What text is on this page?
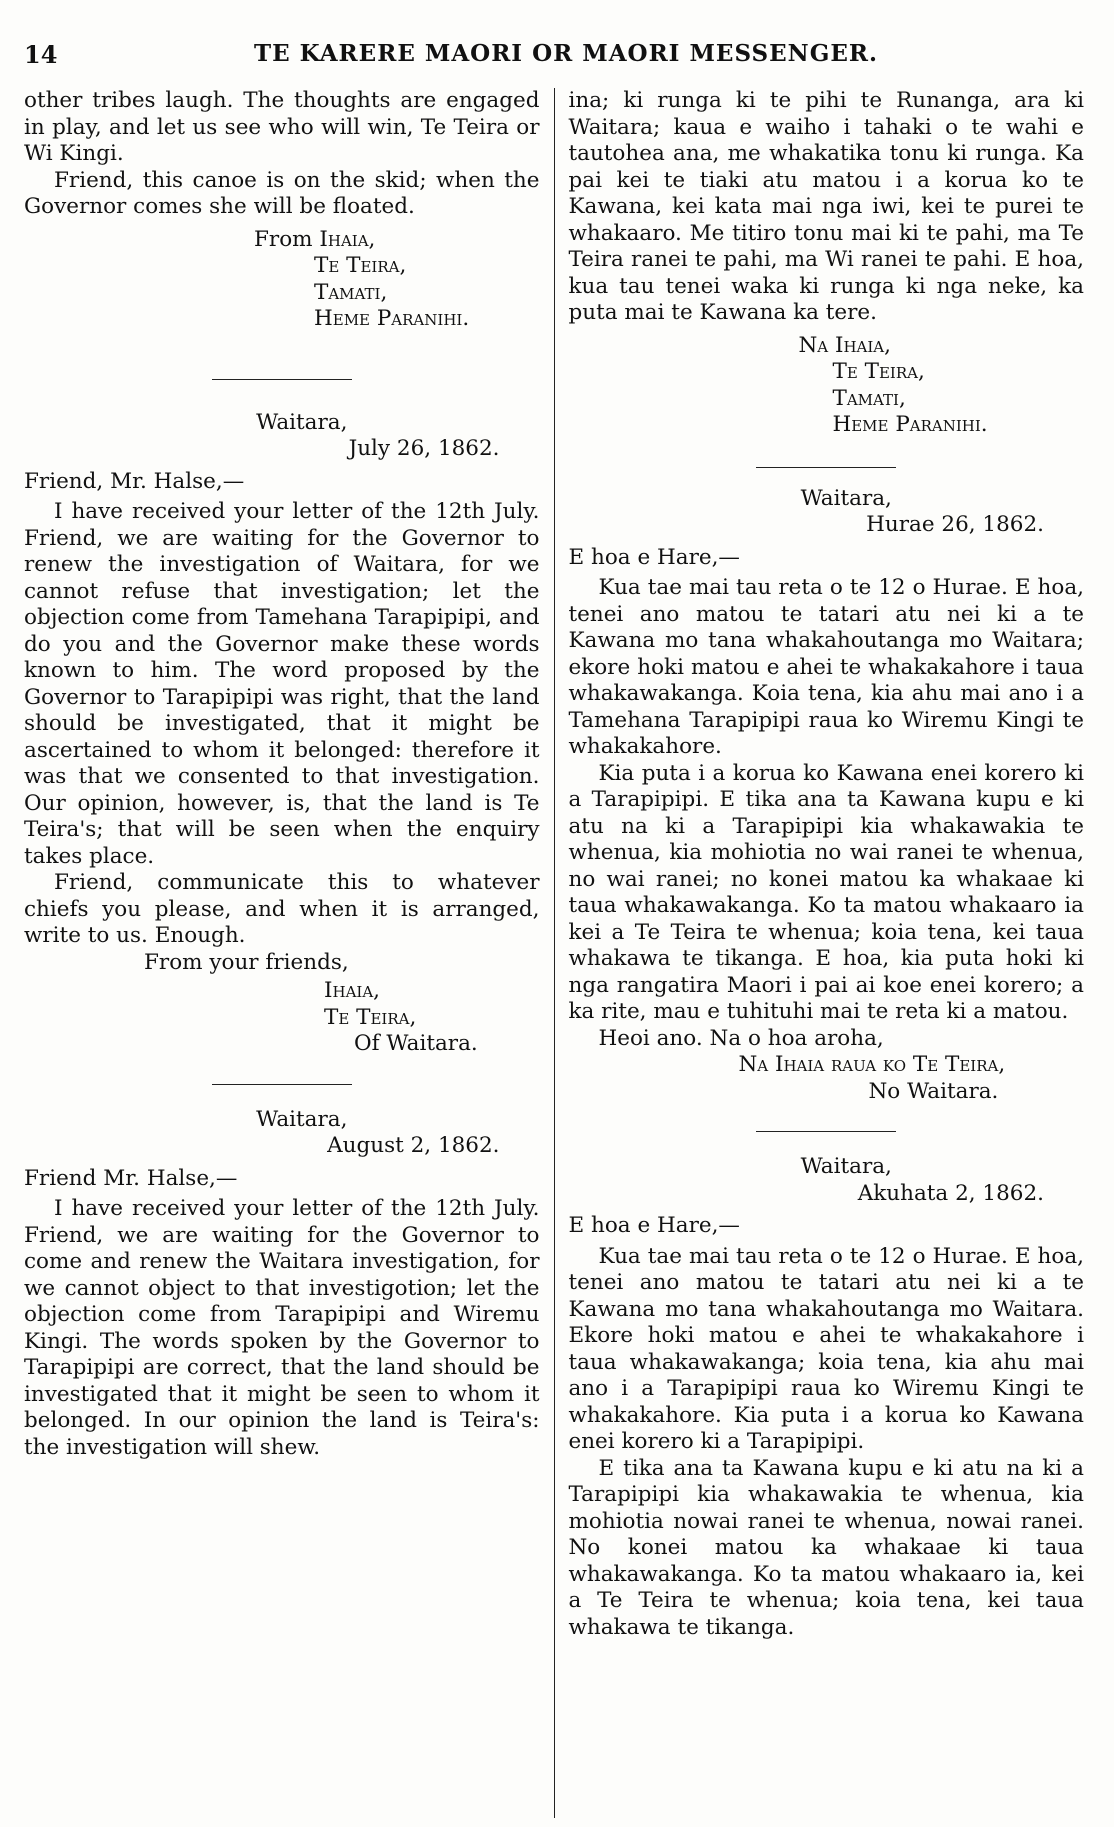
14	TE KARERE MAORI OR MAORI MESSENGER.

other tribes laugh. The thoughts are engaged in play, and let us see who will win, Te Teira or Wi Kingi.

Friend, this canoe is on the skid; when the Governor comes she will be floated.

From Ihaia,
Te Teira,
Tamati,
Heme Paranihi.
Waitara,
July 26, 1862.
Friend, Mr. Halse,—

I have received your letter of the 12th July. Friend, we are waiting for the Governor to renew the investigation of Waitara, for we cannot refuse that investigation; let the objection come from Tamehana Tarapipipi, and do you and the Governor make these words known to him. The word proposed by the Governor to Tarapipipi was right, that the land should be investigated, that it might be ascertained to whom it belonged: therefore it was that we consented to that investigation. Our opinion, however, is, that the land is Te Teira's; that will be seen when the enquiry takes place.

Friend, communicate this to whatever chiefs you please, and when it is arranged, write to us. Enough.

From your friends,
Ihaia,
Te Teira,
Of Waitara.
Waitara,
August 2, 1862.
Friend Mr. Halse,—

I have received your letter of the 12th July. Friend, we are waiting for the Governor to come and renew the Waitara investigation, for we cannot object to that investigotion; let the objection come from Tarapipipi and Wiremu Kingi. The words spoken by the Governor to Tarapipipi are correct, that the land should be investigated that it might be seen to whom it belonged. In our opinion the land is Teira's: the investigation will shew.

ina; ki runga ki te pihi te Runanga, ara ki Waitara; kaua e waiho i tahaki o te wahi e tautohea ana, me whakatika tonu ki runga. Ka pai kei te tiaki atu matou i a korua ko te Kawana, kei kata mai nga iwi, kei te purei te whakaaro. Me titiro tonu mai ki te pahi, ma Te Teira ranei te pahi, ma Wi ranei te pahi. E hoa, kua tau tenei waka ki runga ki nga neke, ka puta mai te Kawana ka tere.

Na Ihaia,
Te Teira,
Tamati,
Heme Paranihi.
Waitara,
Hurae 26, 1862.
E hoa e Hare,—

Kua tae mai tau reta o te 12 o Hurae. E hoa, tenei ano matou te tatari atu nei ki a te Kawana mo tana whakahoutanga mo Waitara; ekore hoki matou e ahei te whakakahore i taua whakawakanga. Koia tena, kia ahu mai ano i a Tamehana Tarapipipi raua ko Wiremu Kingi te whakakahore.

Kia puta i a korua ko Kawana enei korero ki a Tarapipipi. E tika ana ta Kawana kupu e ki atu na ki a Tarapipipi kia whakawakia te whenua, kia mohiotia no wai ranei te whenua, no wai ranei; no konei matou ka whakaae ki taua whakawakanga. Ko ta matou whakaaro ia kei a Te Teira te whenua; koia tena, kei taua whakawa te tikanga. E hoa, kia puta hoki ki nga rangatira Maori i pai ai koe enei korero; a ka rite, mau e tuhituhi mai te reta ki a matou.

Heoi ano. Na o hoa aroha,

Na Ihaia raua ko Te Teira,
No Waitara.
Waitara,
Akuhata 2, 1862.
E hoa e Hare,—

Kua tae mai tau reta o te 12 o Hurae. E hoa, tenei ano matou te tatari atu nei ki a te Kawana mo tana whakahoutanga mo Waitara. Ekore hoki matou e ahei te whakakahore i taua whakawakanga; koia tena, kia ahu mai ano i a Tarapipipi raua ko Wiremu Kingi te whakakahore. Kia puta i a korua ko Kawana enei korero ki a Tarapipipi.

E tika ana ta Kawana kupu e ki atu na ki a Tarapipipi kia whakawakia te whenua, kia mohiotia nowai ranei te whenua, nowai ranei. No konei matou ka whakaae ki taua whakawakanga. Ko ta matou whakaaro ia, kei a Te Teira te whenua; koia tena, kei taua whakawa te tikanga.
